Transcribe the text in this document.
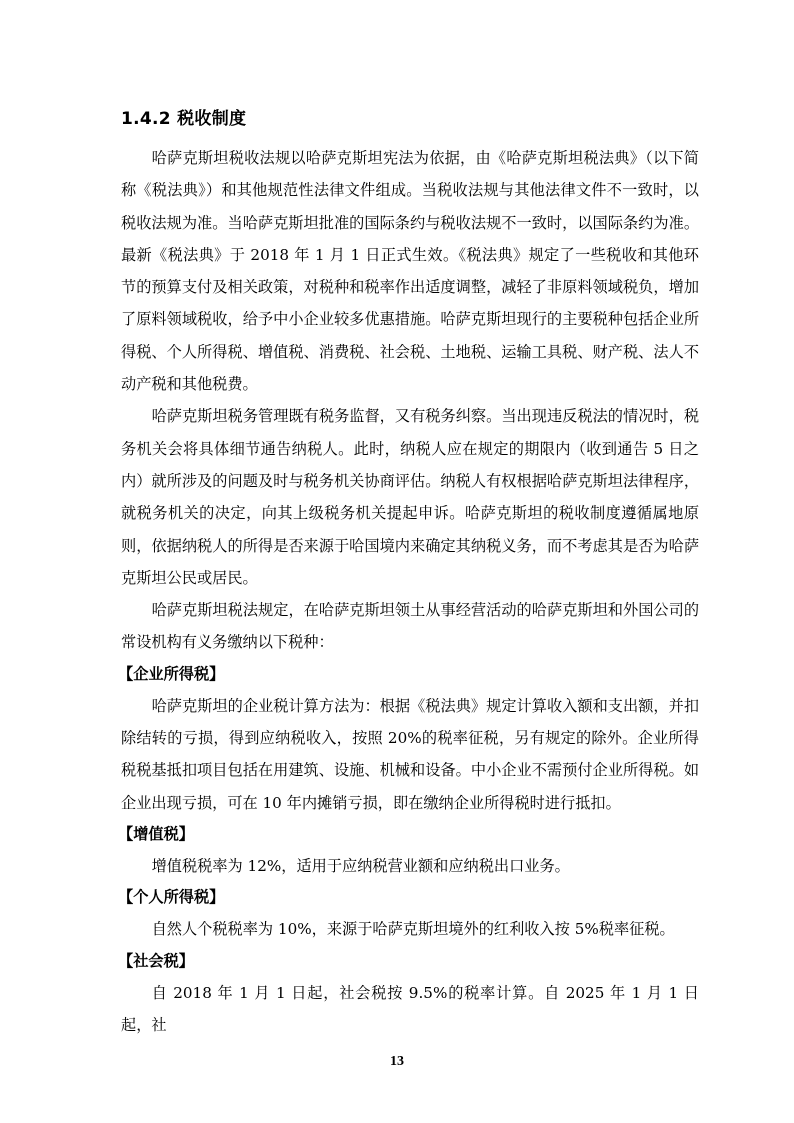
1.4.2 税收制度

哈萨克斯坦税收法规以哈萨克斯坦宪法为依据，由《哈萨克斯坦税法典》（以下简称《税法典》）和其他规范性法律文件组成。当税收法规与其他法律文件不一致时，以税收法规为准。当哈萨克斯坦批准的国际条约与税收法规不一致时，以国际条约为准。最新《税法典》于 2018 年 1 月 1 日正式生效。《税法典》规定了一些税收和其他环节的预算支付及相关政策，对税种和税率作出适度调整，减轻了非原料领域税负，增加了原料领域税收，给予中小企业较多优惠措施。哈萨克斯坦现行的主要税种包括企业所得税、个人所得税、增值税、消费税、社会税、土地税、运输工具税、财产税、法人不动产税和其他税费。

哈萨克斯坦税务管理既有税务监督，又有税务纠察。当出现违反税法的情况时，税务机关会将具体细节通告纳税人。此时，纳税人应在规定的期限内（收到通告 5 日之内）就所涉及的问题及时与税务机关协商评估。纳税人有权根据哈萨克斯坦法律程序，就税务机关的决定，向其上级税务机关提起申诉。哈萨克斯坦的税收制度遵循属地原则，依据纳税人的所得是否来源于哈国境内来确定其纳税义务，而不考虑其是否为哈萨克斯坦公民或居民。

哈萨克斯坦税法规定，在哈萨克斯坦领土从事经营活动的哈萨克斯坦和外国公司的常设机构有义务缴纳以下税种：

【企业所得税】

哈萨克斯坦的企业税计算方法为：根据《税法典》规定计算收入额和支出额，并扣除结转的亏损，得到应纳税收入，按照 20%的税率征税，另有规定的除外。企业所得税税基抵扣项目包括在用建筑、设施、机械和设备。中小企业不需预付企业所得税。如企业出现亏损，可在 10 年内摊销亏损，即在缴纳企业所得税时进行抵扣。

【增值税】

增值税税率为 12%，适用于应纳税营业额和应纳税出口业务。

【个人所得税】

自然人个税税率为 10%，来源于哈萨克斯坦境外的红利收入按 5%税率征税。

【社会税】

自 2018 年 1 月 1 日起，社会税按 9.5%的税率计算。自 2025 年 1 月 1 日起，社

13
